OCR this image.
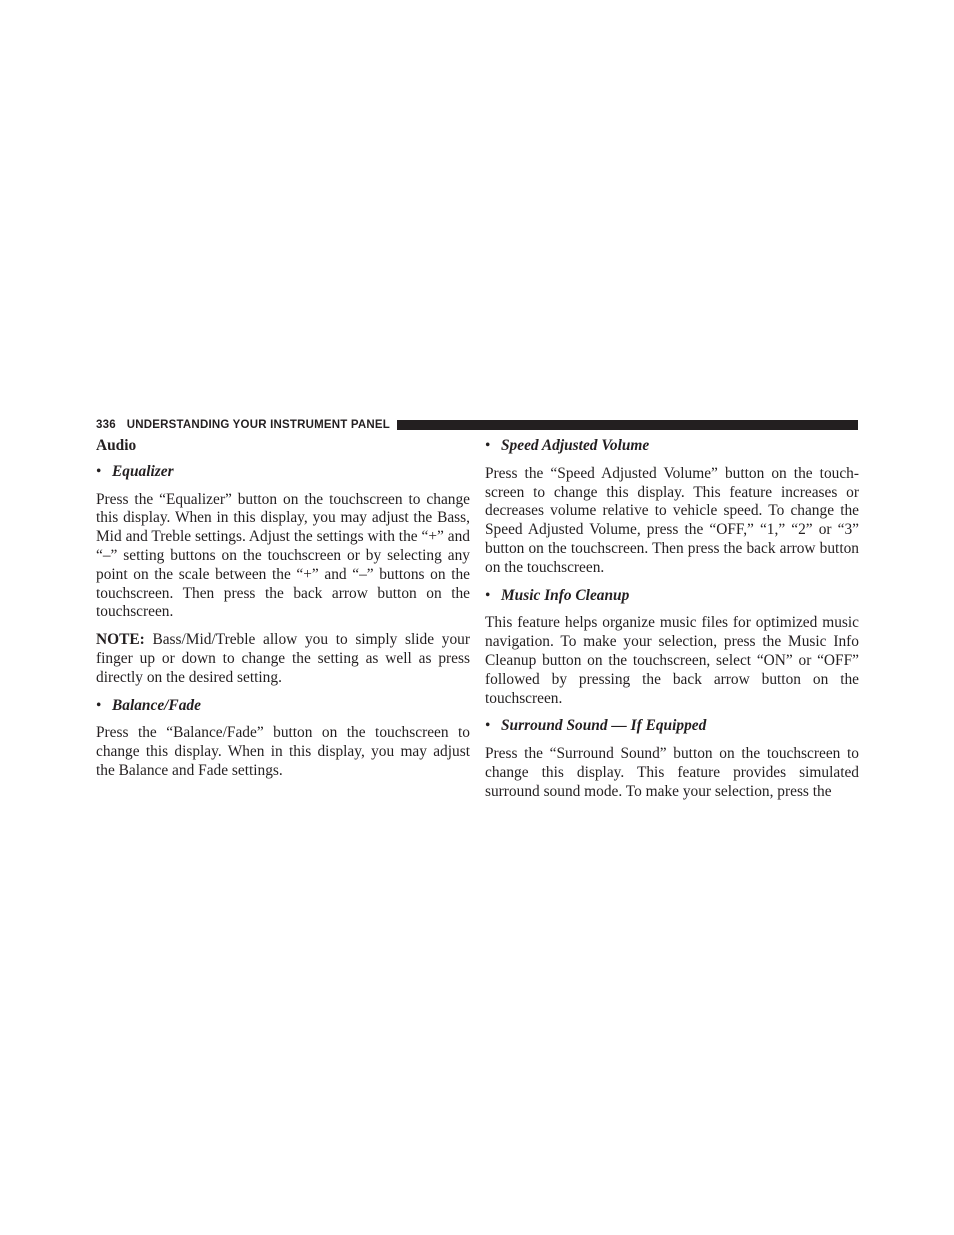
336 UNDERSTANDING YOUR INSTRUMENT PANEL
Audio
• Equalizer

Press the “Equalizer” button on the touchscreen to change this display. When in this display, you may adjust the Bass, Mid and Treble settings. Adjust the settings with the “+” and “–” setting buttons on the touchscreen or by selecting any point on the scale between the “+” and “–” buttons on the touchscreen. Then press the back arrow button on the touchscreen.

NOTE: Bass/Mid/Treble allow you to simply slide your finger up or down to change the setting as well as press directly on the desired setting.

• Balance/Fade

Press the “Balance/Fade” button on the touchscreen to change this display. When in this display, you may adjust the Balance and Fade settings.

• Speed Adjusted Volume

Press the “Speed Adjusted Volume” button on the touch-screen to change this display. This feature increases or decreases volume relative to vehicle speed. To change the Speed Adjusted Volume, press the “OFF,” “1,” “2” or “3” button on the touchscreen. Then press the back arrow button on the touchscreen.

• Music Info Cleanup

This feature helps organize music files for optimized music navigation. To make your selection, press the Music Info Cleanup button on the touchscreen, select “ON” or “OFF” followed by pressing the back arrow button on the touchscreen.

• Surround Sound — If Equipped

Press the “Surround Sound” button on the touchscreen to change this display. This feature provides simulated surround sound mode. To make your selection, press the
